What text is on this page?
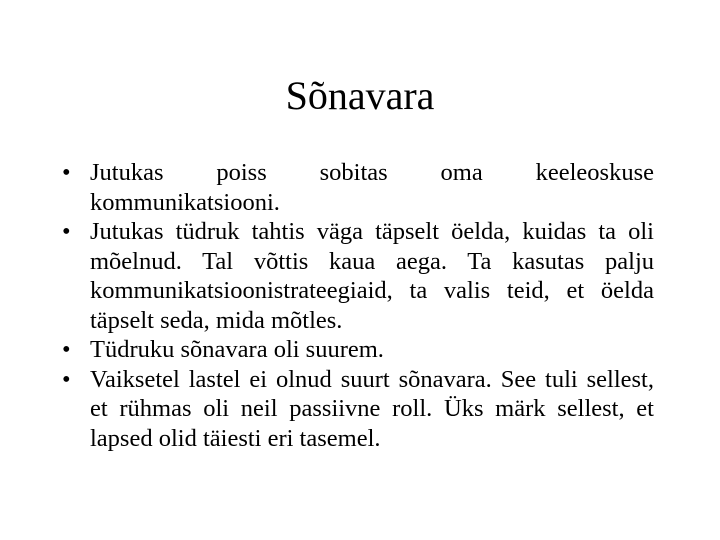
Sõnavara
• Jutukas poiss sobitas oma keeleoskuse kommunikatsiooni.
• Jutukas tüdruk tahtis väga täpselt öelda, kuidas ta oli mõelnud. Tal võttis kaua aega. Ta kasutas palju kommunikatsioonistrateegiaid, ta valis teid, et öelda täpselt seda, mida mõtles.
• Tüdruku sõnavara oli suurem.
• Vaiksetel lastel ei olnud suurt sõnavara. See tuli sellest, et rühmas oli neil passiivne roll. Üks märk sellest, et lapsed olid täiesti eri tasemel.
